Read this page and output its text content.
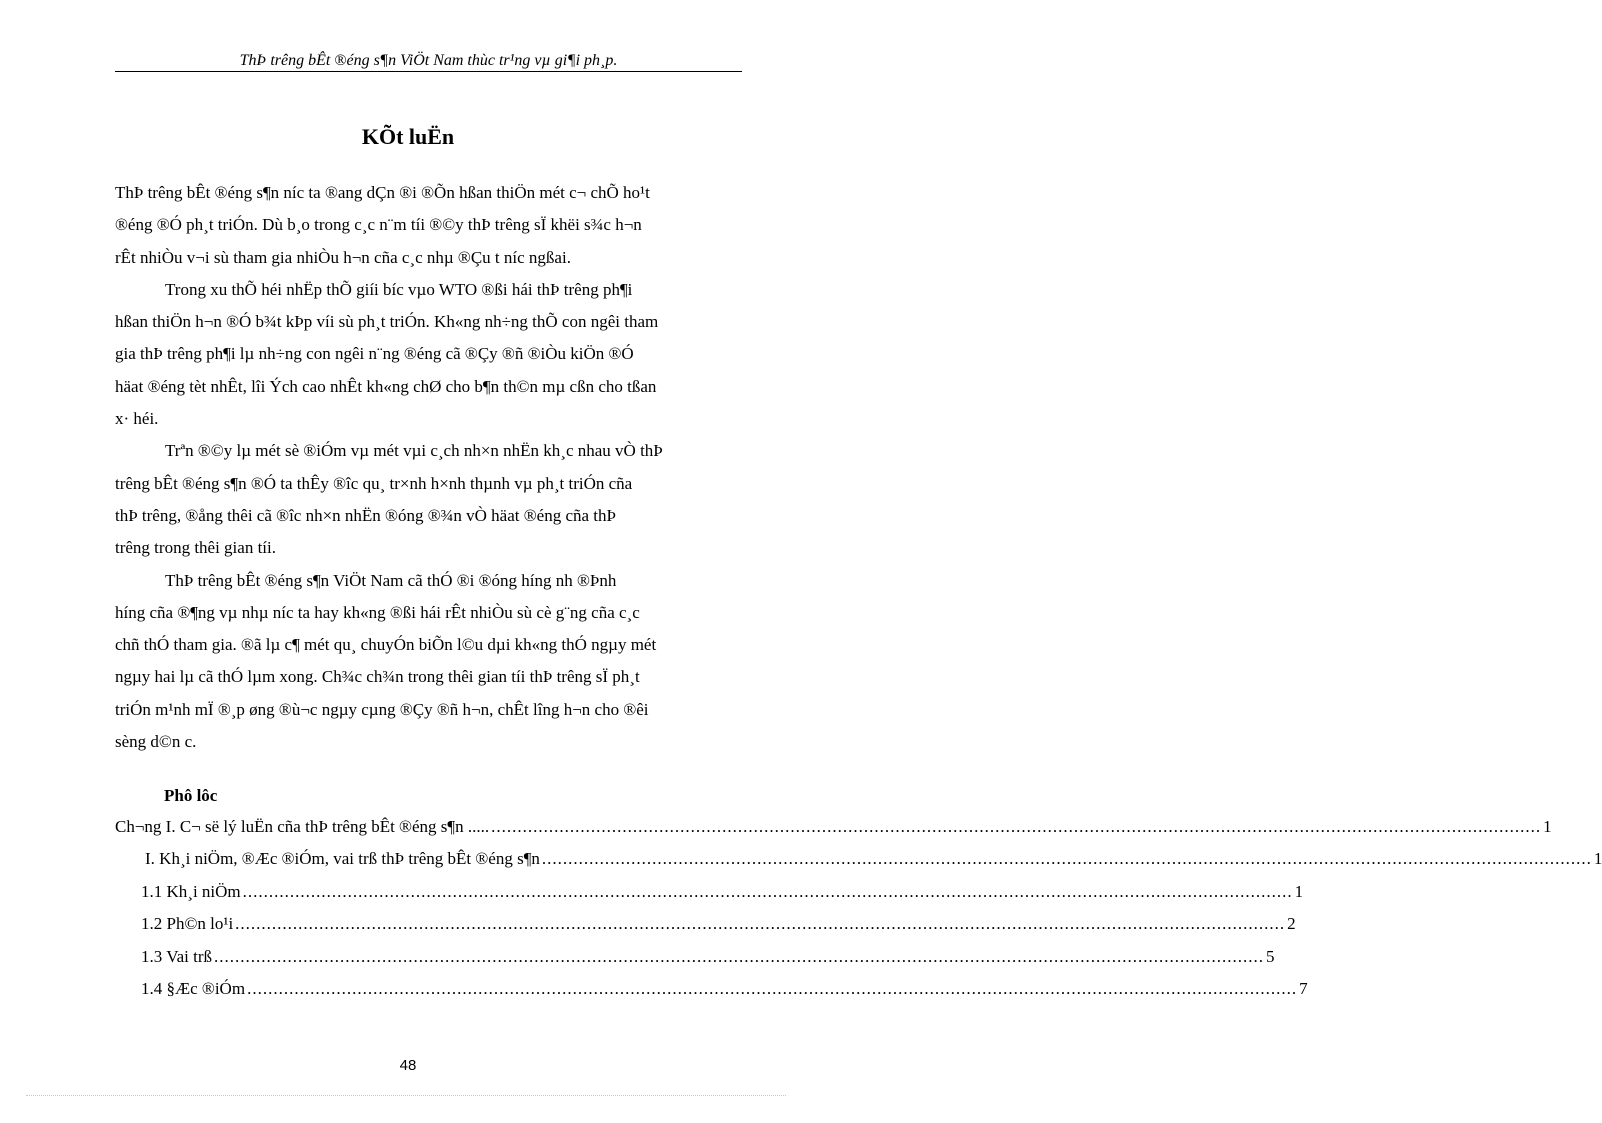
ThÞ trêng bÊt ®éng s¶n ViÖt Nam thùc tr¹ng vµ gi¶i ph¸p.
KÕt luËn
ThÞ trêng bÊt ®éng s¶n níc ta ®ang dÇn ®i ®Õn hßan thiÖn mét c¬ chÕ ho¹t
®éng ®Ó ph¸t triÓn. Dù b¸o trong c¸c n¨m tíi ®©y thÞ trêng sÏ khëi s¾c h¬n
rÊt nhiÒu v¬i sù tham gia nhiÒu h¬n cña c¸c nhµ ®Çu t níc ngßai.
Trong xu thÕ héi nhËp thÕ giíi bíc vµo WTO ®ßi hái thÞ trêng ph¶i
hßan thiÖn h¬n ®Ó b¾t kÞp víi sù ph¸t triÓn. Kh«ng nh÷ng thÕ con ngêi tham
gia thÞ trêng ph¶i lµ nh÷ng con ngêi n¨ng ®éng cã ®Çy ®ñ ®iÒu kiÖn ®Ó
häat ®éng tèt nhÊt, lîi Ých cao nhÊt kh«ng chØ cho b¶n th©n mµ cßn cho tßan
x· héi.
Trªn ®©y lµ mét sè ®iÓm vµ mét vµi c¸ch nh×n nhËn kh¸c nhau vÒ thÞ
trêng bÊt ®éng s¶n ®Ó ta thÊy ®îc qu¸ tr×nh h×nh thµnh vµ ph¸t triÓn cña
thÞ trêng, ®ång thêi cã ®îc nh×n nhËn ®óng ®¾n vÒ häat ®éng cña thÞ
trêng trong thêi gian tíi.
ThÞ trêng bÊt ®éng s¶n ViÖt Nam cã thÓ ®i ®óng híng nh ®Þnh
híng cña ®¶ng vµ nhµ níc ta hay kh«ng ®ßi hái rÊt nhiÒu sù cè g¨ng cña c¸c
chñ thÓ tham gia. ®ã lµ c¶ mét qu¸ chuyÓn biÕn l©u dµi kh«ng thÓ ngµy mét
ngµy hai lµ cã thÓ lµm xong. Ch¾c ch¾n trong thêi gian tíi thÞ trêng sÏ ph¸t
triÓn m¹nh mÏ ®¸p øng ®ù¬c ngµy cµng ®Çy ®ñ h¬n, chÊt lîng h¬n cho ®êi
sèng d©n c.
Phô lôc
Ch¬ng I. C¬ së lý luËn cña thÞ trêng bÊt ®éng s¶n ..... ........................................................................................................................................................................................................ 1
I. Kh¸i niÖm, ®Æc ®iÓm, vai trß thÞ trêng bÊt ®éng s¶n ........................................................................................................................................................................................................ 1
1.1 Kh¸i niÖm ........................................................................................................................................................................................................ 1
1.2 Ph©n lo¹i ........................................................................................................................................................................................................ 2
1.3 Vai trß ........................................................................................................................................................................................................ 5
1.4 §Æc ®iÓm ........................................................................................................................................................................................................ 7
48
